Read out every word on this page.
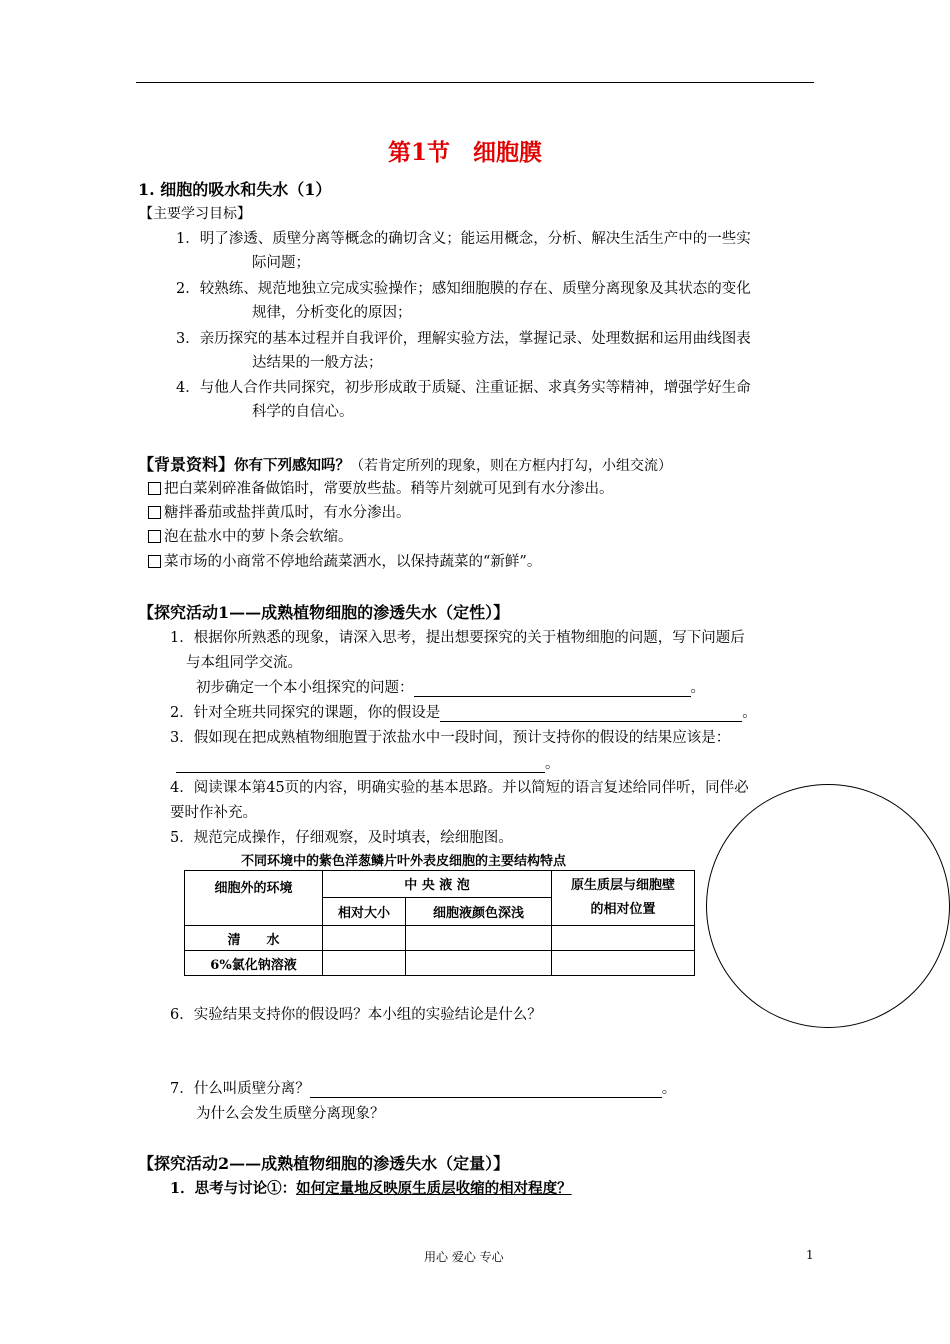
第1节　细胞膜
1. 细胞的吸水和失水（1）
【主要学习目标】
1．明了渗透、质壁分离等概念的确切含义；能运用概念，分析、解决生活生产中的一些实
际问题；
2．较熟练、规范地独立完成实验操作；感知细胞膜的存在、质壁分离现象及其状态的变化
规律，分析变化的原因；
3．亲历探究的基本过程并自我评价，理解实验方法，掌握记录、处理数据和运用曲线图表
达结果的一般方法；
4．与他人合作共同探究，初步形成敢于质疑、注重证据、求真务实等精神，增强学好生命
科学的自信心。
【背景资料】你有下列感知吗？（若肯定所列的现象，则在方框内打勾，小组交流）
把白菜剁碎准备做馅时，常要放些盐。稍等片刻就可见到有水分渗出。
糖拌番茄或盐拌黄瓜时，有水分渗出。
泡在盐水中的萝卜条会软缩。
菜市场的小商常不停地给蔬菜洒水，以保持蔬菜的“新鲜”。
【探究活动1——成熟植物细胞的渗透失水（定性）】
1．根据你所熟悉的现象，请深入思考，提出想要探究的关于植物细胞的问题，写下问题后
与本组同学交流。
初步确定一个本小组探究的问题：	。
2．针对全班共同探究的课题，你的假设是	。
3．假如现在把成熟植物细胞置于浓盐水中一段时间，预计支持你的假设的结果应该是：
。
4．阅读课本第45页的内容，明确实验的基本思路。并以简短的语言复述给同伴听，同伴必
要时作补充。
5．规范完成操作，仔细观察，及时填表，绘细胞图。
不同环境中的紫色洋葱鳞片叶外表皮细胞的主要结构特点
细胞外的环境	中 央 液 泡		原生质层与细胞壁
的相对位置
	相对大小	细胞液颜色深浅	
清　　水			
6%氯化钠溶液			
6．实验结果支持你的假设吗？本小组的实验结论是什么？
7．什么叫质壁分离？	。
为什么会发生质壁分离现象？
【探究活动2——成熟植物细胞的渗透失水（定量）】
1．思考与讨论①：如何定量地反映原生质层收缩的相对程度？
用心 爱心 专心	1
